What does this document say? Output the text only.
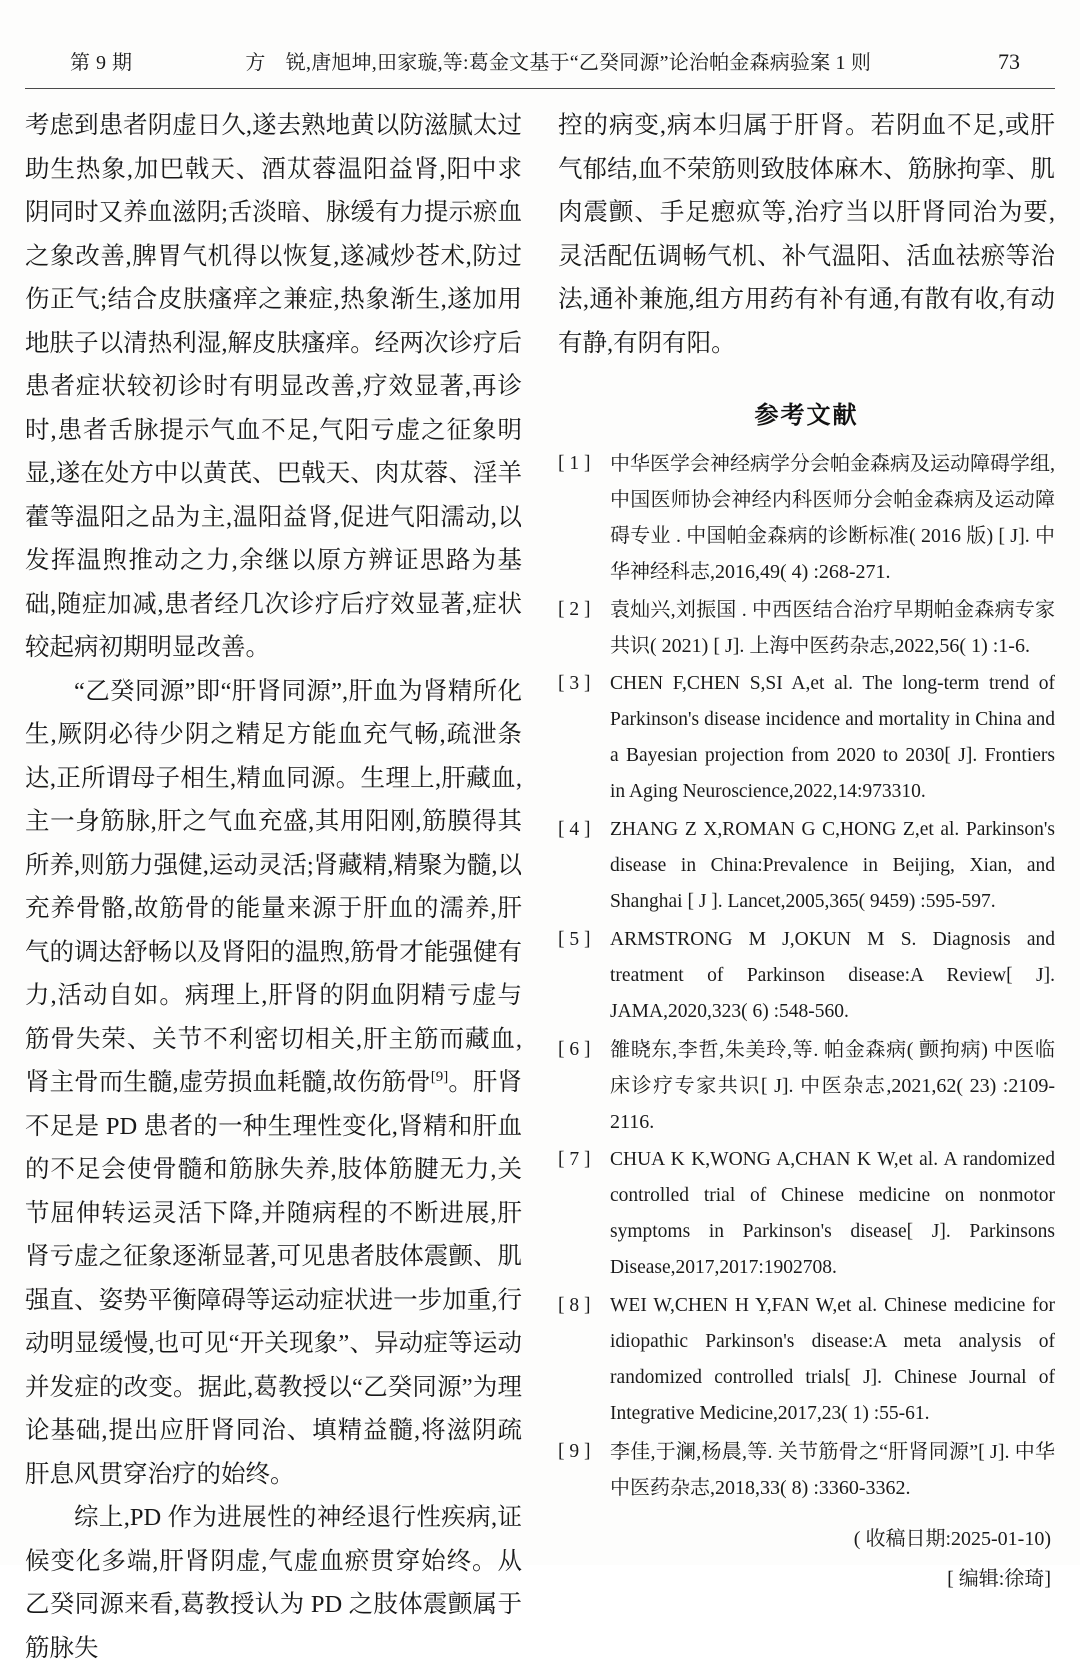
第 9 期	方　锐,唐旭坤,田家璇,等:葛金文基于“乙癸同源”论治帕金森病验案 1 则	73

考虑到患者阴虚日久,遂去熟地黄以防滋腻太过助生热象,加巴戟天、酒苁蓉温阳益肾,阳中求阴同时又养血滋阴;舌淡暗、脉缓有力提示瘀血之象改善,脾胃气机得以恢复,遂减炒苍术,防过伤正气;结合皮肤瘙痒之兼症,热象渐生,遂加用地肤子以清热利湿,解皮肤瘙痒。经两次诊疗后患者症状较初诊时有明显改善,疗效显著,再诊时,患者舌脉提示气血不足,气阳亏虚之征象明显,遂在处方中以黄芪、巴戟天、肉苁蓉、淫羊藿等温阳之品为主,温阳益肾,促进气阳濡动,以发挥温煦推动之力,余继以原方辨证思路为基础,随症加减,患者经几次诊疗后疗效显著,症状较起病初期明显改善。

“乙癸同源”即“肝肾同源”,肝血为肾精所化生,厥阴必待少阴之精足方能血充气畅,疏泄条达,正所谓母子相生,精血同源。生理上,肝藏血,主一身筋脉,肝之气血充盛,其用阳刚,筋膜得其所养,则筋力强健,运动灵活;肾藏精,精聚为髓,以充养骨骼,故筋骨的能量来源于肝血的濡养,肝气的调达舒畅以及肾阳的温煦,筋骨才能强健有力,活动自如。病理上,肝肾的阴血阴精亏虚与筋骨失荣、关节不利密切相关,肝主筋而藏血,肾主骨而生髓,虚劳损血耗髓,故伤筋骨[9]。肝肾不足是 PD 患者的一种生理性变化,肾精和肝血的不足会使骨髓和筋脉失养,肢体筋腱无力,关节屈伸转运灵活下降,并随病程的不断进展,肝肾亏虚之征象逐渐显著,可见患者肢体震颤、肌强直、姿势平衡障碍等运动症状进一步加重,行动明显缓慢,也可见“开关现象”、异动症等运动并发症的改变。据此,葛教授以“乙癸同源”为理论基础,提出应肝肾同治、填精益髓,将滋阴疏肝息风贯穿治疗的始终。

综上,PD 作为进展性的神经退行性疾病,证候变化多端,肝肾阴虚,气虚血瘀贯穿始终。从乙癸同源来看,葛教授认为 PD 之肢体震颤属于筋脉失

控的病变,病本归属于肝肾。若阴血不足,或肝气郁结,血不荣筋则致肢体麻木、筋脉拘挛、肌肉震颤、手足瘛疭等,治疗当以肝肾同治为要,灵活配伍调畅气机、补气温阳、活血祛瘀等治法,通补兼施,组方用药有补有通,有散有收,有动有静,有阴有阳。

参考文献
[ 1 ] 中华医学会神经病学分会帕金森病及运动障碍学组,中国医师协会神经内科医师分会帕金森病及运动障碍专业 . 中国帕金森病的诊断标准( 2016 版) [ J]. 中华神经科志,2016,49( 4) :268-271.
[ 2 ] 袁灿兴,刘振国 . 中西医结合治疗早期帕金森病专家共识( 2021) [ J]. 上海中医药杂志,2022,56( 1) :1-6.
[ 3 ]	CHEN F,CHEN S,SI A,et al. The long-term trend of Parkinson's disease incidence and mortality in China and a Bayesian projection from 2020 to 2030[ J]. Frontiers in Aging Neuroscience,2022,14:973310.
[ 4 ]	ZHANG Z X,ROMAN G C,HONG Z,et al. Parkinson's disease in China:Prevalence in Beijing, Xian, and Shanghai [ J ]. Lancet,2005,365( 9459) :595-597.
[ 5 ]	ARMSTRONG M J,OKUN M S. Diagnosis and treatment of Parkinson disease:A Review[ J]. JAMA,2020,323( 6) :548-560.
[ 6 ] 雒晓东,李哲,朱美玲,等. 帕金森病( 颤拘病) 中医临床诊疗专家共识[ J]. 中医杂志,2021,62( 23) :2109-2116.
[ 7 ]	CHUA K K,WONG A,CHAN K W,et al. A randomized controlled trial of Chinese medicine on nonmotor symptoms in Parkinson's disease[ J]. Parkinsons Disease,2017,2017:1902708.
[ 8 ]	WEI W,CHEN H Y,FAN W,et al. Chinese medicine for idiopathic Parkinson's disease:A meta analysis of randomized controlled trials[ J]. Chinese Journal of Integrative Medicine,2017,23( 1) :55-61.
[ 9 ] 李佳,于澜,杨晨,等. 关节筋骨之“肝肾同源”[ J]. 中华中医药杂志,2018,33( 8) :3360-3362.
( 收稿日期:2025-01-10)
[ 编辑:徐琦]
